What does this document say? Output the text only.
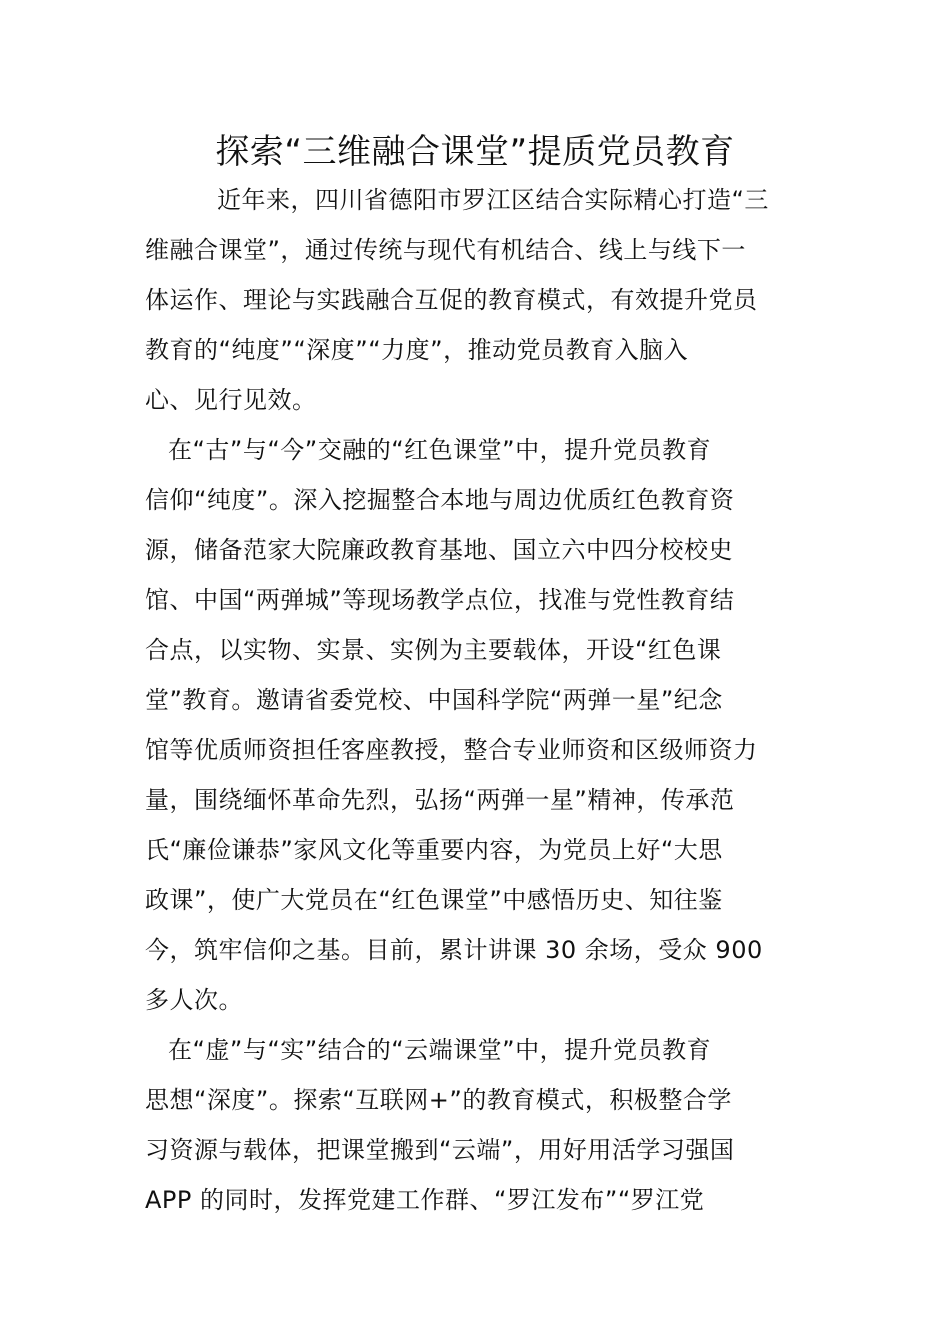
探索“三维融合课堂”提质党员教育
近年来，四川省德阳市罗江区结合实际精心打造“三
维融合课堂”，通过传统与现代有机结合、线上与线下一
体运作、理论与实践融合互促的教育模式，有效提升党员
教育的“纯度”“深度”“力度”，推动党员教育入脑入
心、见行见效。
在“古”与“今”交融的“红色课堂”中，提升党员教育
信仰“纯度”。深入挖掘整合本地与周边优质红色教育资
源，储备范家大院廉政教育基地、国立六中四分校校史
馆、中国“两弹城”等现场教学点位，找准与党性教育结
合点，以实物、实景、实例为主要载体，开设“红色课
堂”教育。邀请省委党校、中国科学院“两弹一星”纪念
馆等优质师资担任客座教授，整合专业师资和区级师资力
量，围绕缅怀革命先烈，弘扬“两弹一星”精神，传承范
氏“廉俭谦恭”家风文化等重要内容，为党员上好“大思
政课”，使广大党员在“红色课堂”中感悟历史、知往鉴
今，筑牢信仰之基。目前，累计讲课 30 余场，受众 900
多人次。
在“虚”与“实”结合的“云端课堂”中，提升党员教育
思想“深度”。探索“互联网+”的教育模式，积极整合学
习资源与载体，把课堂搬到“云端”，用好用活学习强国
APP 的同时，发挥党建工作群、“罗江发布”“罗江党
